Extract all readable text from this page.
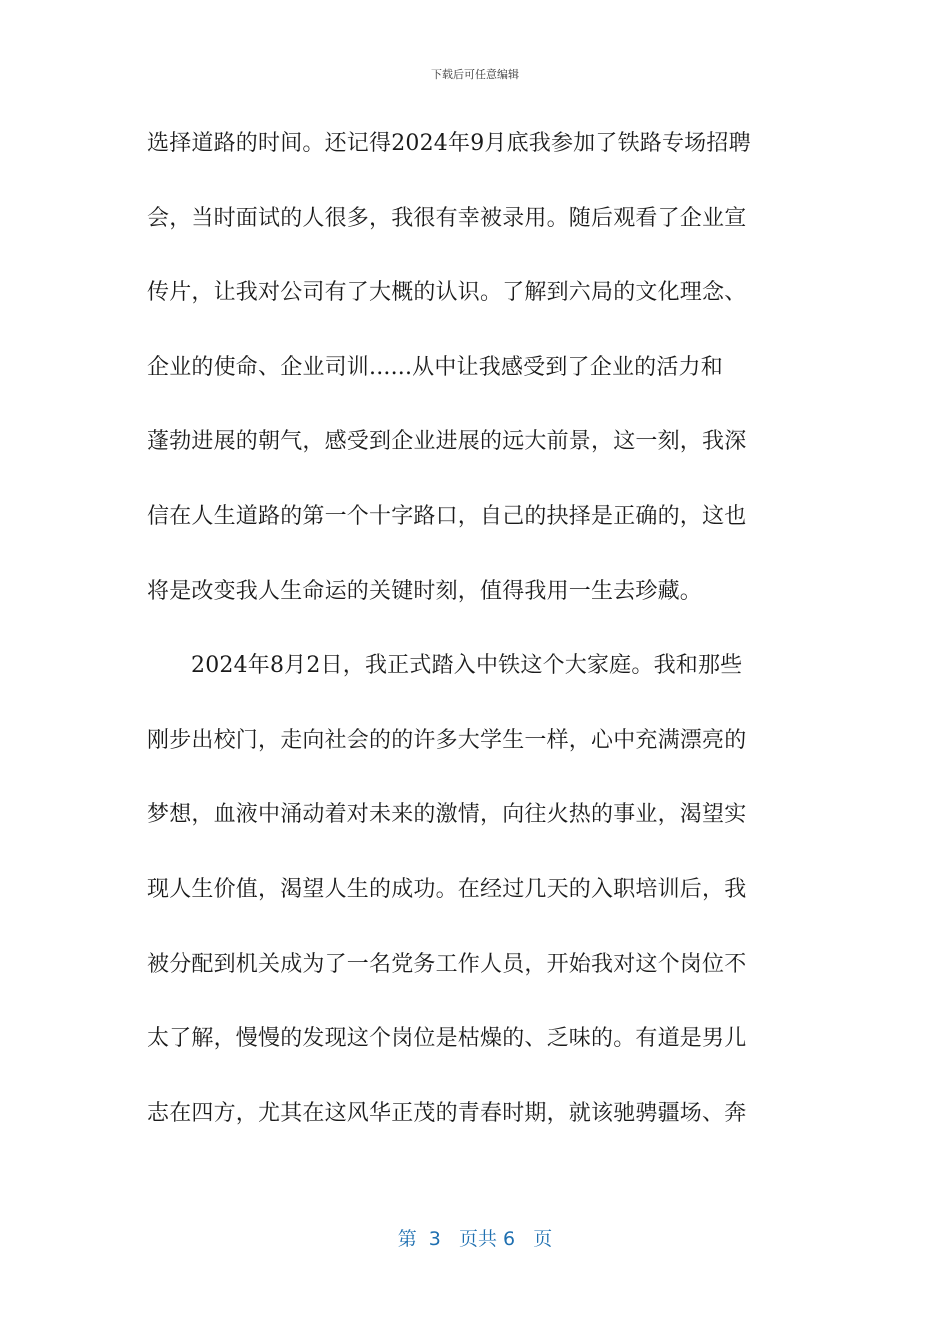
下载后可任意编辑
选择道路的时间。还记得2024年9月底我参加了铁路专场招聘
会，当时面试的人很多，我很有幸被录用。随后观看了企业宣
传片，让我对公司有了大概的认识。了解到六局的文化理念、
企业的使命、企业司训......从中让我感受到了企业的活力和
蓬勃进展的朝气，感受到企业进展的远大前景，这一刻，我深
信在人生道路的第一个十字路口，自己的抉择是正确的，这也
将是改变我人生命运的关键时刻，值得我用一生去珍藏。
2024年8月2日，我正式踏入中铁这个大家庭。我和那些
刚步出校门，走向社会的的许多大学生一样，心中充满漂亮的
梦想，血液中涌动着对未来的激情，向往火热的事业，渴望实
现人生价值，渴望人生的成功。在经过几天的入职培训后，我
被分配到机关成为了一名党务工作人员，开始我对这个岗位不
太了解，慢慢的发现这个岗位是枯燥的、乏味的。有道是男儿
志在四方，尤其在这风华正茂的青春时期，就该驰骋疆场、奔
第  3   页共 6   页
